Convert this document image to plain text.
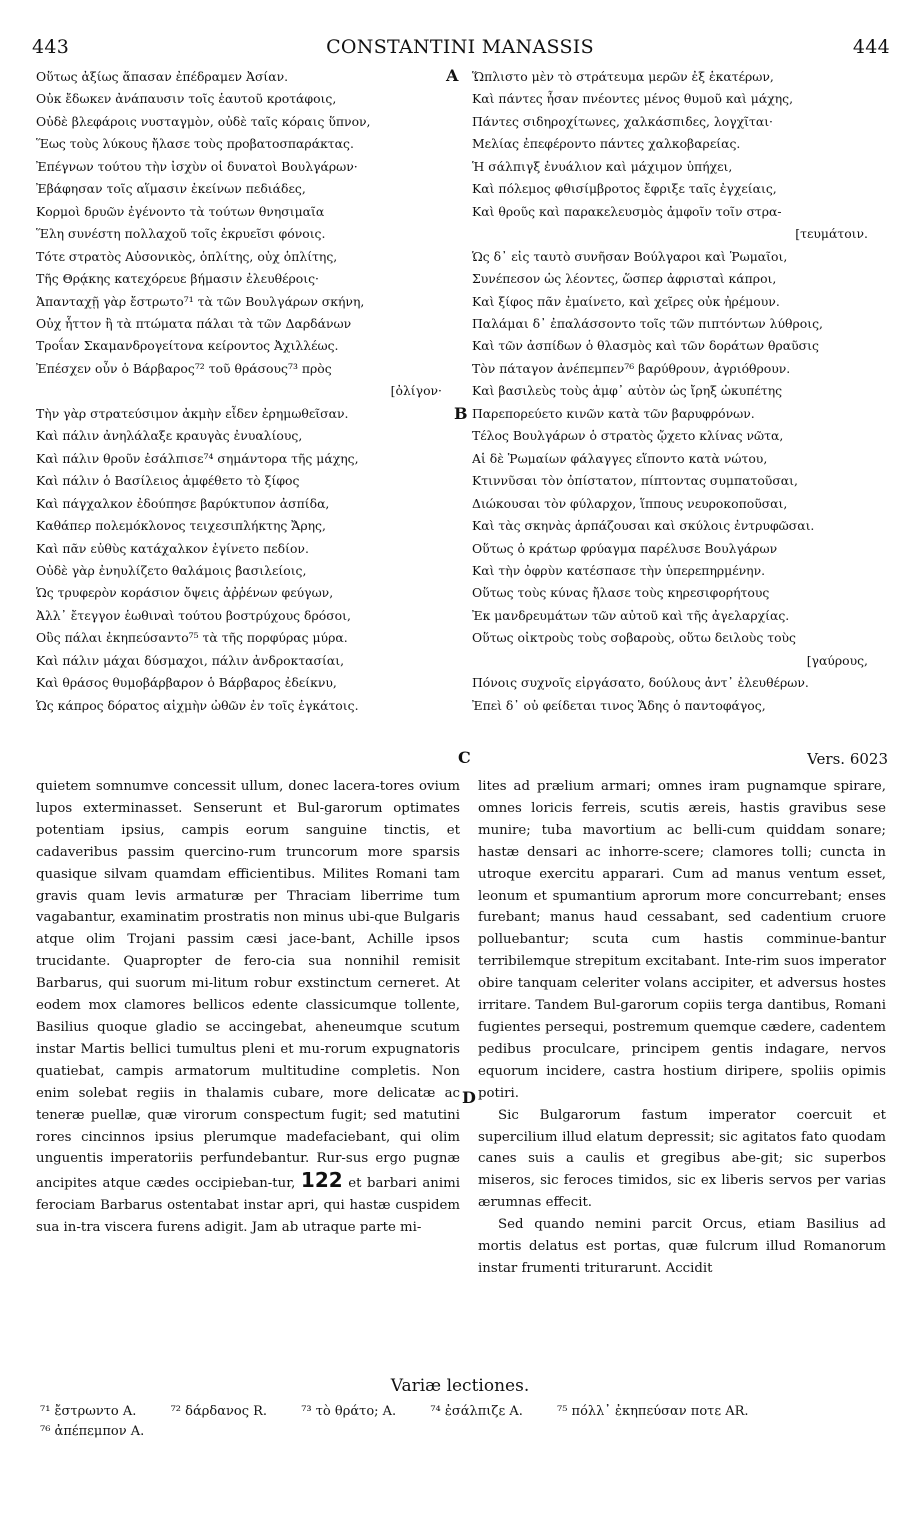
443	CONSTANTINI MANASSIS	444
Οὕτως ἀξίως ἅπασαν ἐπέδραμεν Ἀσίαν.
Οὐκ ἔδωκεν ἀνάπαυσιν τοῖς ἑαυτοῦ κροτάφοις,
Οὐδὲ βλεφάροις νυσταγμὸν, οὐδὲ ταῖς κόραις ὕπνον,
Ἕως τοὺς λύκους ἤλασε τοὺς προβατοσπαράκτας.
Ἐπέγνων τούτου τὴν ἰσχὺν οἱ δυνατοὶ Βουλγάρων·
Ἐβάφησαν τοῖς αἵμασιν ἐκείνων πεδιάδες,
Κορμοὶ δρυῶν ἐγένοντο τὰ τούτων θνησιμαῖα
Ἕλη συνέστη πολλαχοῦ τοῖς ἐκρυεῖσι φόνοις.
Τότε στρατὸς Αὐσονικὸς, ὁπλίτης, οὐχ ὁπλίτης,
Τῆς Θρᾴκης κατεχόρευε βήμασιν ἐλευθέροις·
Ἁπανταχῇ γὰρ ἔστρωτο⁷¹ τὰ τῶν Βουλγάρων σκήνη,
Οὐχ ἧττον ἢ τὰ πτώματα πάλαι τὰ τῶν Δαρδάνων
Τροΐαν Σκαμανδρογείτονα κείροντος Ἀχιλλέως.
Ἐπέσχεν οὖν ὁ Βάρβαρος⁷² τοῦ θράσους⁷³ πρὸς
[ὀλίγον·
Τὴν γὰρ στρατεύσιμον ἀκμὴν εἶδεν ἐρημωθεῖσαν.
Καὶ πάλιν ἀνηλάλαξε κραυγὰς ἐνυαλίους,
Καὶ πάλιν θροῦν ἐσάλπισε⁷⁴ σημάντορα τῆς μάχης,
Καὶ πάλιν ὁ Βασίλειος ἀμφέθετο τὸ ξίφος
Καὶ πάγχαλκον ἐδούπησε βαρύκτυπον ἀσπίδα,
Καθάπερ πολεμόκλονος τειχεσιπλήκτης Ἄρης,
Καὶ πᾶν εὐθὺς κατάχαλκον ἐγίνετο πεδίον.
Οὐδὲ γὰρ ἐνηυλίζετο θαλάμοις βασιλείοις,
Ὡς τρυφερὸν κοράσιον ὄψεις ἀῤῥένων φεύγων,
Ἀλλ᾽ ἔτεγγον ἑωθιναὶ τούτου βοστρύχους δρόσοι,
Οὓς πάλαι ἐκηπεύσαντο⁷⁵ τὰ τῆς πορφύρας μύρα.
Καὶ πάλιν μάχαι δύσμαχοι, πάλιν ἀνδροκτασίαι,
Καὶ θράσος θυμοβάρβαρον ὁ Βάρβαρος ἐδείκνυ,
Ὡς κάπρος δόρατος αἰχμὴν ὠθῶν ἐν τοῖς ἐγκάτοις.
Ὥπλιστο μὲν τὸ στράτευμα μερῶν ἐξ ἑκατέρων,
Καὶ πάντες ἦσαν πνέοντες μένος θυμοῦ καὶ μάχης,
Πάντες σιδηροχίτωνες, χαλκάσπιδες, λογχῖται·
Μελίας ἐπεφέροντο πάντες χαλκοβαρείας.
Ἡ σάλπιγξ ἐνυάλιον καὶ μάχιμον ὑπήχει,
Καὶ πόλεμος φθισίμβροτος ἔφριξε ταῖς ἐγχείαις,
Καὶ θροῦς καὶ παρακελευσμὸς ἀμφοῖν τοῖν στρα-
[τευμάτοιν.
Ὡς δ᾽ εἰς ταυτὸ συνῆσαν Βούλγαροι καὶ Ῥωμαῖοι,
Συνέπεσον ὡς λέοντες, ὥσπερ ἀφρισταὶ κάπροι,
Καὶ ξίφος πᾶν ἐμαίνετο, καὶ χεῖρες οὐκ ἠρέμουν.
Παλάμαι δ᾽ ἐπαλάσσοντο τοῖς τῶν πιπτόντων λύθροις,
Καὶ τῶν ἀσπίδων ὁ θλασμὸς καὶ τῶν δοράτων θραῦσις
Τὸν πάταγον ἀνέπεμπεν⁷⁶ βαρύθρουν, ἀγριόθρουν.
Καὶ βασιλεὺς τοὺς ἀμφ᾽ αὐτὸν ὡς ἴρηξ ὠκυπέτης
Παρεπορεύετο κινῶν κατὰ τῶν βαρυφρόνων.
Τέλος Βουλγάρων ὁ στρατὸς ᾤχετο κλίνας νῶτα,
Αἱ δὲ Ῥωμαίων φάλαγγες εἵποντο κατὰ νώτου,
Κτιννῦσαι τὸν ὀπίστατον, πίπτοντας συμπατοῦσαι,
Διώκουσαι τὸν φύλαρχον, ἵππους νευροκοποῦσαι,
Καὶ τὰς σκηνὰς ἁρπάζουσαι καὶ σκύλοις ἐντρυφῶσαι.
Οὕτως ὁ κράτωρ φρύαγμα παρέλυσε Βουλγάρων
Καὶ τὴν ὀφρὺν κατέσπασε τὴν ὑπερεπηρμένην.
Οὕτως τοὺς κύνας ἤλασε τοὺς κηρεσιφορήτους
Ἐκ μανδρευμάτων τῶν αὐτοῦ καὶ τῆς ἀγελαρχίας.
Οὕτως οἰκτροὺς τοὺς σοβαροὺς, οὕτω δειλοὺς τοὺς
[γαύρους,
Πόνοις συχνοῖς εἰργάσατο, δούλους ἀντ᾽ ἐλευθέρων.
Ἐπεὶ δ᾽ οὐ φείδεται τινος Ἅδης ὁ παντοφάγος,
A
B
C
D
Vers. 6023

quietem somnumve concessit ullum, donec lacera-tores ovium lupos exterminasset. Senserunt et Bul-garorum optimates potentiam ipsius, campis eorum sanguine tinctis, et cadaveribus passim quercino-rum truncorum more sparsis quasique silvam quamdam efficientibus. Milites Romani tam gravis quam levis armaturæ per Thraciam liberrime tum vagabantur, examinatim prostratis non minus ubi-que Bulgaris atque olim Trojani passim cæsi jace-bant, Achille ipsos trucidante. Quapropter de fero-cia sua nonnihil remisit Barbarus, qui suorum mi-litum robur exstinctum cerneret. At eodem mox clamores bellicos edente classicumque tollente, Basilius quoque gladio se accingebat, aheneumque scutum instar Martis bellici tumultus pleni et mu-rorum expugnatoris quatiebat, campis armatorum multitudine completis. Non enim solebat regiis in thalamis cubare, more delicatæ ac teneræ puellæ, quæ virorum conspectum fugit; sed matutini rores cincinnos ipsius plerumque madefaciebant, qui olim unguentis imperatoriis perfundebantur. Rur-sus ergo pugnæ ancipites atque cædes occipieban-tur, 122 et barbari animi ferociam Barbarus ostentabat instar apri, qui hastæ cuspidem sua in-tra viscera furens adigit. Jam ab utraque parte mi-

lites ad prælium armari; omnes iram pugnamque spirare, omnes loricis ferreis, scutis æreis, hastis gravibus sese munire; tuba mavortium ac belli-cum quiddam sonare; hastæ densari ac inhorre-scere; clamores tolli; cuncta in utroque exercitu apparari. Cum ad manus ventum esset, leonum et spumantium aprorum more concurrebant; enses furebant; manus haud cessabant, sed cadentium cruore polluebantur; scuta cum hastis comminue-bantur terribilemque strepitum excitabant. Inte-rim suos imperator obire tanquam celeriter volans accipiter, et adversus hostes irritare. Tandem Bul-garorum copiis terga dantibus, Romani fugientes persequi, postremum quemque cædere, cadentem pedibus proculcare, principem gentis indagare, nervos equorum incidere, castra hostium diripere, spoliis opimis potiri.

Sic Bulgarorum fastum imperator coercuit et supercilium illud elatum depressit; sic agitatos fato quodam canes suis a caulis et gregibus abe-git; sic superbos miseros, sic feroces timidos, sic ex liberis servos per varias ærumnas effecit.

Sed quando nemini parcit Orcus, etiam Basilius ad mortis delatus est portas, quæ fulcrum illud Romanorum instar frumenti triturarunt. Accidit

Variæ lectiones.
⁷¹ ἔστρωντο A.	⁷² δάρδανος R.	⁷³ τὸ θράτο; A.	⁷⁴ ἐσάλπιζε A.	⁷⁵ πόλλ᾽ ἐκηπεύσαν ποτε AR.
⁷⁶ ἀπέπεμπον A.
